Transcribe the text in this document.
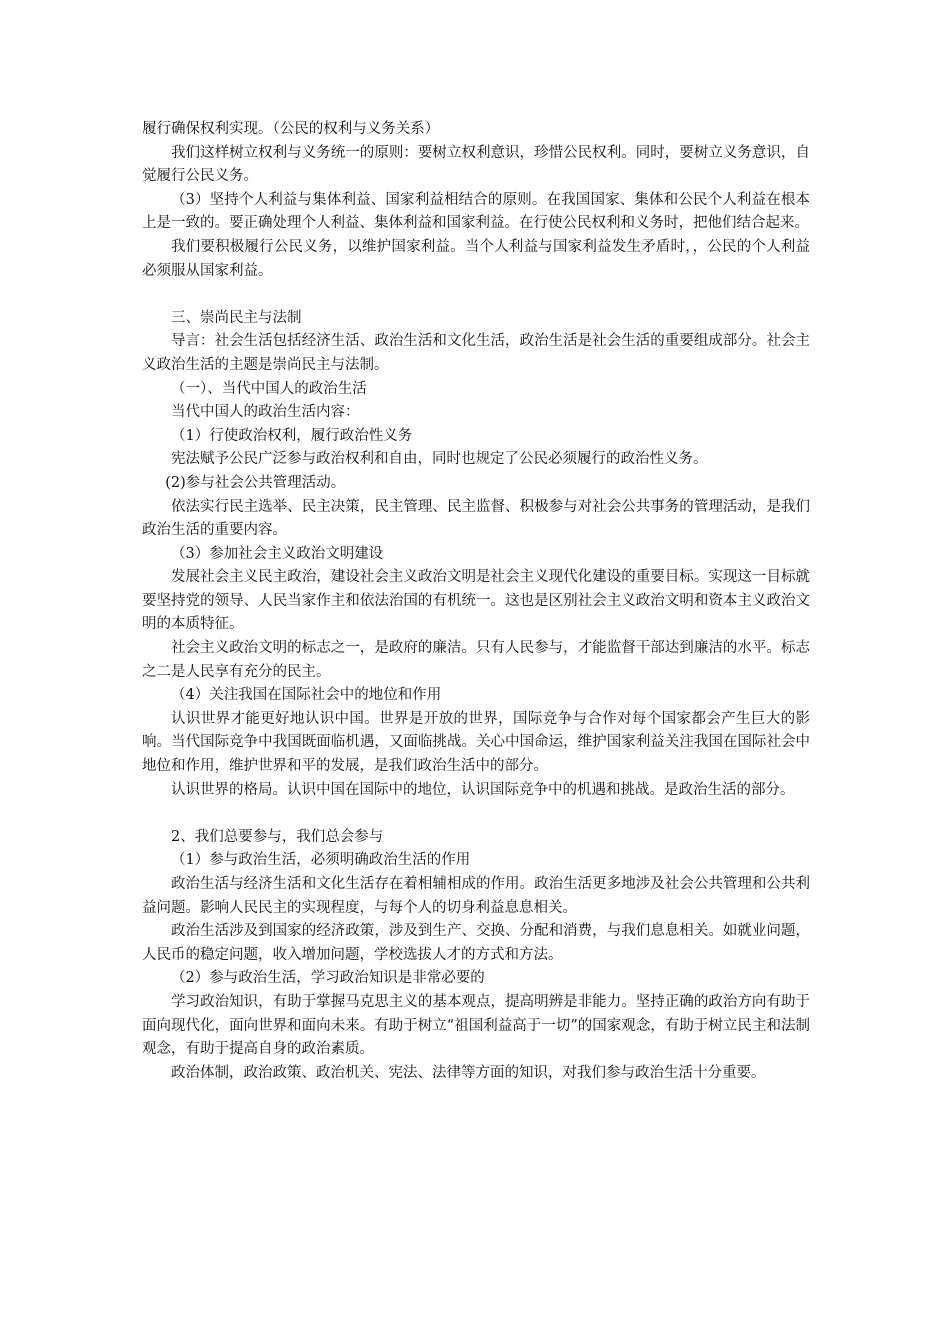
履行确保权利实现。（公民的权利与义务关系）

我们这样树立权利与义务统一的原则：要树立权利意识，珍惜公民权利。同时，要树立义务意识，自觉履行公民义务。

（3）坚持个人利益与集体利益、国家利益相结合的原则。在我国国家、集体和公民个人利益在根本上是一致的。要正确处理个人利益、集体利益和国家利益。在行使公民权利和义务时，把他们结合起来。

我们要积极履行公民义务，以维护国家利益。当个人利益与国家利益发生矛盾时，，公民的个人利益必须服从国家利益。

三、崇尚民主与法制

导言：社会生活包括经济生活、政治生活和文化生活，政治生活是社会生活的重要组成部分。社会主义政治生活的主题是崇尚民主与法制。

（一）、当代中国人的政治生活

当代中国人的政治生活内容：

（1）行使政治权利，履行政治性义务

宪法赋予公民广泛参与政治权利和自由，同时也规定了公民必须履行的政治性义务。

(2)参与社会公共管理活动。

依法实行民主选举、民主决策，民主管理、民主监督、积极参与对社会公共事务的管理活动，是我们政治生活的重要内容。

（3）参加社会主义政治文明建设

发展社会主义民主政治，建设社会主义政治文明是社会主义现代化建设的重要目标。实现这一目标就要坚持党的领导、人民当家作主和依法治国的有机统一。这也是区别社会主义政治文明和资本主义政治文明的本质特征。

社会主义政治文明的标志之一，是政府的廉洁。只有人民参与，才能监督干部达到廉洁的水平。标志之二是人民享有充分的民主。

（4）关注我国在国际社会中的地位和作用

认识世界才能更好地认识中国。世界是开放的世界，国际竞争与合作对每个国家都会产生巨大的影响。当代国际竞争中我国既面临机遇，又面临挑战。关心中国命运，维护国家利益关注我国在国际社会中地位和作用，维护世界和平的发展，是我们政治生活中的部分。

认识世界的格局。认识中国在国际中的地位，认识国际竞争中的机遇和挑战。是政治生活的部分。

2、我们总要参与，我们总会参与

（1）参与政治生活，必须明确政治生活的作用

政治生活与经济生活和文化生活存在着相辅相成的作用。政治生活更多地涉及社会公共管理和公共利益问题。影响人民民主的实现程度，与每个人的切身利益息息相关。

政治生活涉及到国家的经济政策，涉及到生产、交换、分配和消费，与我们息息相关。如就业问题，人民币的稳定问题，收入增加问题，学校选拔人才的方式和方法。

（2）参与政治生活，学习政治知识是非常必要的

学习政治知识，有助于掌握马克思主义的基本观点，提高明辨是非能力。坚持正确的政治方向有助于面向现代化，面向世界和面向未来。有助于树立“祖国利益高于一切”的国家观念，有助于树立民主和法制观念，有助于提高自身的政治素质。

政治体制，政治政策、政治机关、宪法、法律等方面的知识，对我们参与政治生活十分重要。
